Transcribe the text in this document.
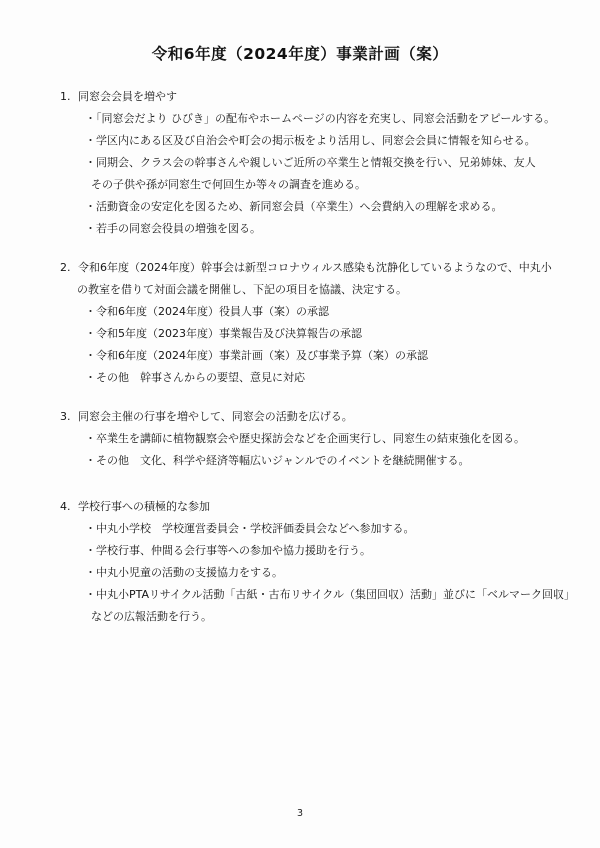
令和6年度（2024年度）事業計画（案）
1. 同窓会会員を増やす
・「同窓会だより ひびき」の配布やホームページの内容を充実し、同窓会活動をアピールする。
・学区内にある区及び自治会や町会の掲示板をより活用し、同窓会会員に情報を知らせる。
・同期会、クラス会の幹事さんや親しいご近所の卒業生と情報交換を行い、兄弟姉妹、友人
その子供や孫が同窓生で何回生か等々の調査を進める。
・活動資金の安定化を図るため、新同窓会員（卒業生）へ会費納入の理解を求める。
・若手の同窓会役員の増強を図る。
2. 令和6年度（2024年度）幹事会は新型コロナウィルス感染も沈静化しているようなので、中丸小
の教室を借りて対面会議を開催し、下記の項目を協議、決定する。
・令和6年度（2024年度）役員人事（案）の承認
・令和5年度（2023年度）事業報告及び決算報告の承認
・令和6年度（2024年度）事業計画（案）及び事業予算（案）の承認
・その他　幹事さんからの要望、意見に対応
3. 同窓会主催の行事を増やして、同窓会の活動を広げる。
・卒業生を講師に植物観察会や歴史探訪会などを企画実行し、同窓生の結束強化を図る。
・その他　文化、科学や経済等幅広いジャンルでのイベントを継続開催する。
4. 学校行事への積極的な参加
・中丸小学校　学校運営委員会・学校評価委員会などへ参加する。
・学校行事、仲間る会行事等への参加や協力援助を行う。
・中丸小児童の活動の支援協力をする。
・中丸小PTAリサイクル活動「古紙・古布リサイクル（集団回収）活動」並びに「ベルマーク回収」
などの広報活動を行う。
3
